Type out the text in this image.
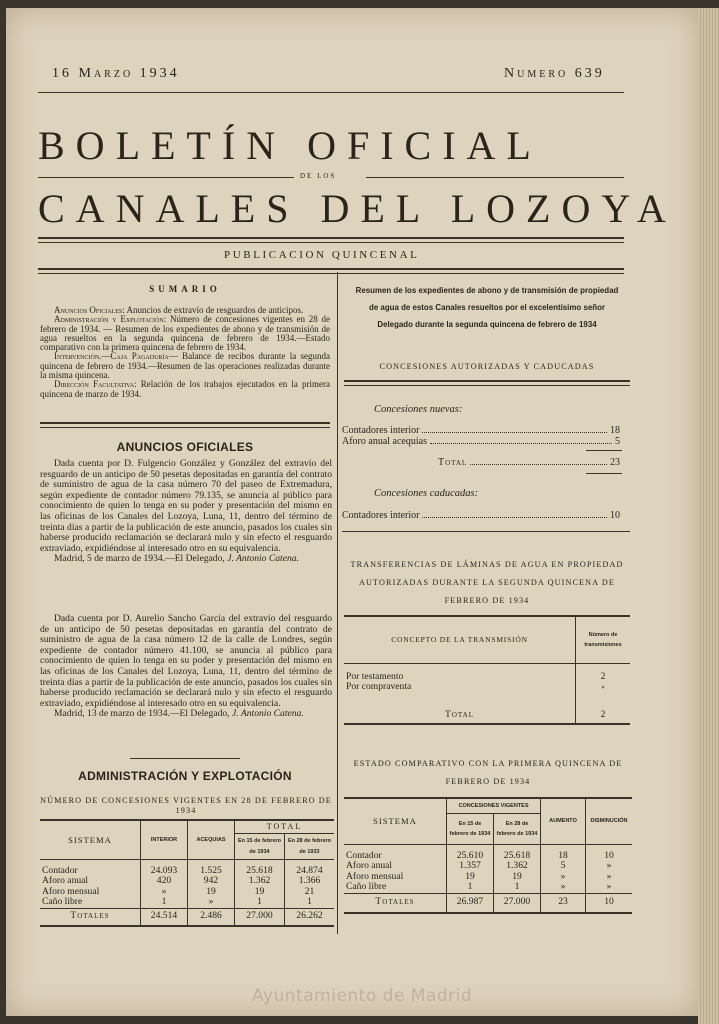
16 Marzo 1934	Numero 639
BOLETÍN OFICIAL
DE LOS
CANALES DEL LOZOYA
PUBLICACION QUINCENAL
SUMARIO

Anuncios Oficiales: Anuncios de extravío de resguardos de anticipos.

Administración y Explotación: Número de concesiones vigentes en 28 de febrero de 1934. — Resumen de los expedientes de abono y de transmisión de agua resueltos en la segunda quincena de febrero de 1934.—Estado comparativo con la primera quincena de febrero de 1934.

Intervención.—Caja Pagaduría— Balance de recibos durante la segunda quincena de febrero de 1934.—Resumen de las operaciones realizadas durante la misma quincena.

Dirección Facultativa: Relación de los trabajos ejecutados en la primera quincena de marzo de 1934.

ANUNCIOS OFICIALES

Dada cuenta por D. Fulgencio González y González del extravío del resguardo de un anticipo de 50 pesetas depositadas en garantía del contrato de suministro de agua de la casa número 70 del paseo de Extremadura, según expediente de contador número 79.135, se anuncia al público para conocimiento de quien lo tenga en su poder y presentación del mismo en las oficinas de los Canales del Lozoya, Luna, 11, dentro del término de treinta días a partir de la publicación de este anuncio, pasados los cuales sin haberse producido reclamación se declarará nulo y sin efecto el resguardo extraviado, expidiéndose al interesado otro en su equivalencia.

Madrid, 5 de marzo de 1934.—El Delegado, J. Antonio Catena.

Dada cuenta por D. Aurelio Sancho García del extravío del resguardo de un anticipo de 50 pesetas depositadas en garantía del contrato de suministro de agua de la casa número 12 de la calle de Londres, según expediente de contador número 41.100, se anuncia al público para conocimiento de quien lo tenga en su poder y presentación del mismo en las oficinas de los Canales del Lozoya, Luna, 11, dentro del término de treinta días a partir de la publicación de este anuncio, pasados los cuales sin haberse producido reclamación se declarará nulo y sin efecto el resguardo extraviado, expidiéndose al interesado otro en su equivalencia.

Madrid, 13 de marzo de 1934.—El Delegado, J. Antonio Catena.

ADMINISTRACIÓN Y EXPLOTACIÓN
NÚMERO DE CONCESIONES VIGENTES EN 28 DE FEBRERO DE 1934
SISTEMA	INTERIOR	ACEQUIAS	TOTAL	
			En 15 de febrero de 1934	En 28 de febrero de 1933
Contador	24.093	1.525	25.618	24.874
Aforo anual	420	942	1.362	1.366
Aforo mensual	»	19	19	21
Caño libre	1	»	1	1
Totales	24.514	2.486	27.000	26.262
Resumen de los expedientes de abono y de transmisión de propiedad de agua de estos Canales resueltos por el excelentísimo señor Delegado durante la segunda quincena de febrero de 1934
CONCESIONES AUTORIZADAS Y CADUCADAS
Concesiones nuevas:
Contadores interior	18
Aforo anual acequias	5
Total	23
Concesiones caducadas:
Contadores interior	10
TRANSFERENCIAS DE LÁMINAS DE AGUA EN PROPIEDAD AUTORIZADAS DURANTE LA SEGUNDA QUINCENA DE FEBRERO DE 1934
CONCEPTO DE LA TRANSMISIÓN	Número de transmisiones
Por testamento	2
Por compraventa	»
Total	2
ESTADO COMPARATIVO CON LA PRIMERA QUINCENA DE FEBRERO DE 1934
SISTEMA	CONCESIONES VIGENTES		AUMENTO	DISMINUCIÓN
	En 15 de febrero de 1934	En 28 de febrero de 1934		
Contador	25.610	25.618	18	10
Aforo anual	1.357	1.362	5	»
Aforo mensual	19	19	»	»
Caño libre	1	1	»	»
Totales	26.987	27.000	23	10
Ayuntamiento de Madrid
